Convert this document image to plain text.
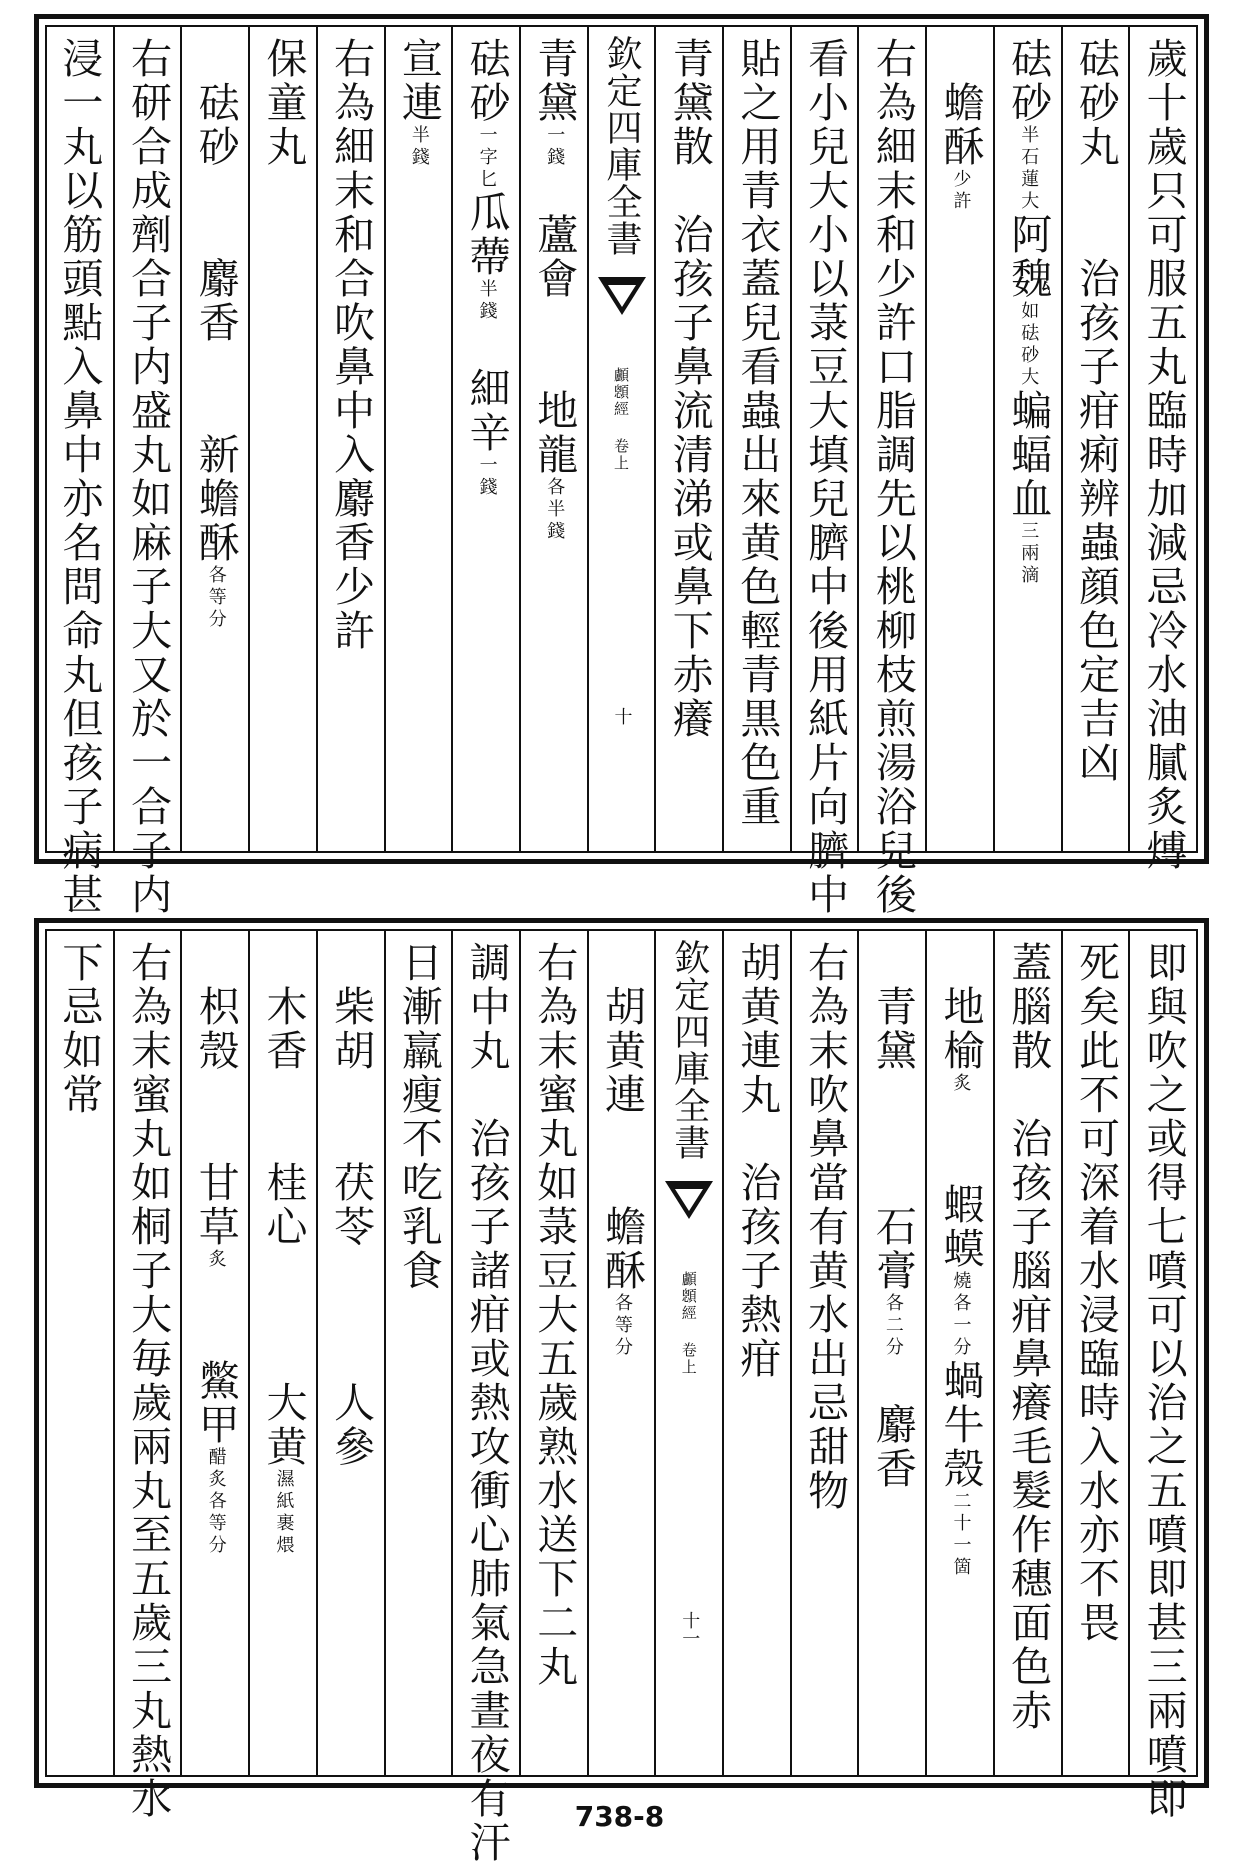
歲十歲只可服五丸臨時加減忌冷水油膩炙煿
砝砂丸　　治孩子疳痢辨蟲顔色定吉凶
砝砂半石蓮大阿魏如砝砂大蝙蝠血三兩滴
　蟾酥少許
右為細末和少許口脂調先以桃柳枝煎湯浴兒後
看小兒大小以菉豆大填兒臍中後用紙片向臍中
貼之用青衣蓋兒看蟲出來黄色輕青黒色重
青黛散　治孩子鼻流清涕或鼻下赤癢
欽定四庫全書
顱顖經 卷上
十
青黛一錢　蘆會　　地龍各半錢
砝砂一字匕瓜蔕半錢　細辛一錢
宣連半錢
右為細末和合吹鼻中入麝香少許
保童丸
　砝砂　　麝香　　新蟾酥各等分
右研合成劑合子内盛丸如麻子大又於一合子内
浸一丸以筋頭點入鼻中亦名問命丸但孩子病甚
即與吹之或得七噴可以治之五噴即甚三兩噴即
死矣此不可深着水浸臨時入水亦不畏
蓋腦散　治孩子腦疳鼻癢毛髮作穗面色赤
　地榆炙　　蝦蟆燒各一分蝸牛殼二十一箇
　青黛　　　石膏各二分　麝香
右為末吹鼻當有黄水出忌甜物
胡黄連丸　治孩子熱疳
欽定四庫全書
顱顖經 卷上
十一
　胡黄連　　蟾酥各等分
右為末蜜丸如菉豆大五歲熟水送下二丸
調中丸　治孩子諸疳或熱攻衝心肺氣急晝夜有汗
日漸羸瘦不吃乳食
　柴胡　　茯苓　　　人參
　木香　　桂心　　　大黄濕紙裹煨
　枳殼　　甘草炙　　鱉甲醋炙各等分
右為末蜜丸如桐子大毎歲兩丸至五歲三丸熱水
下忌如常
738-8
